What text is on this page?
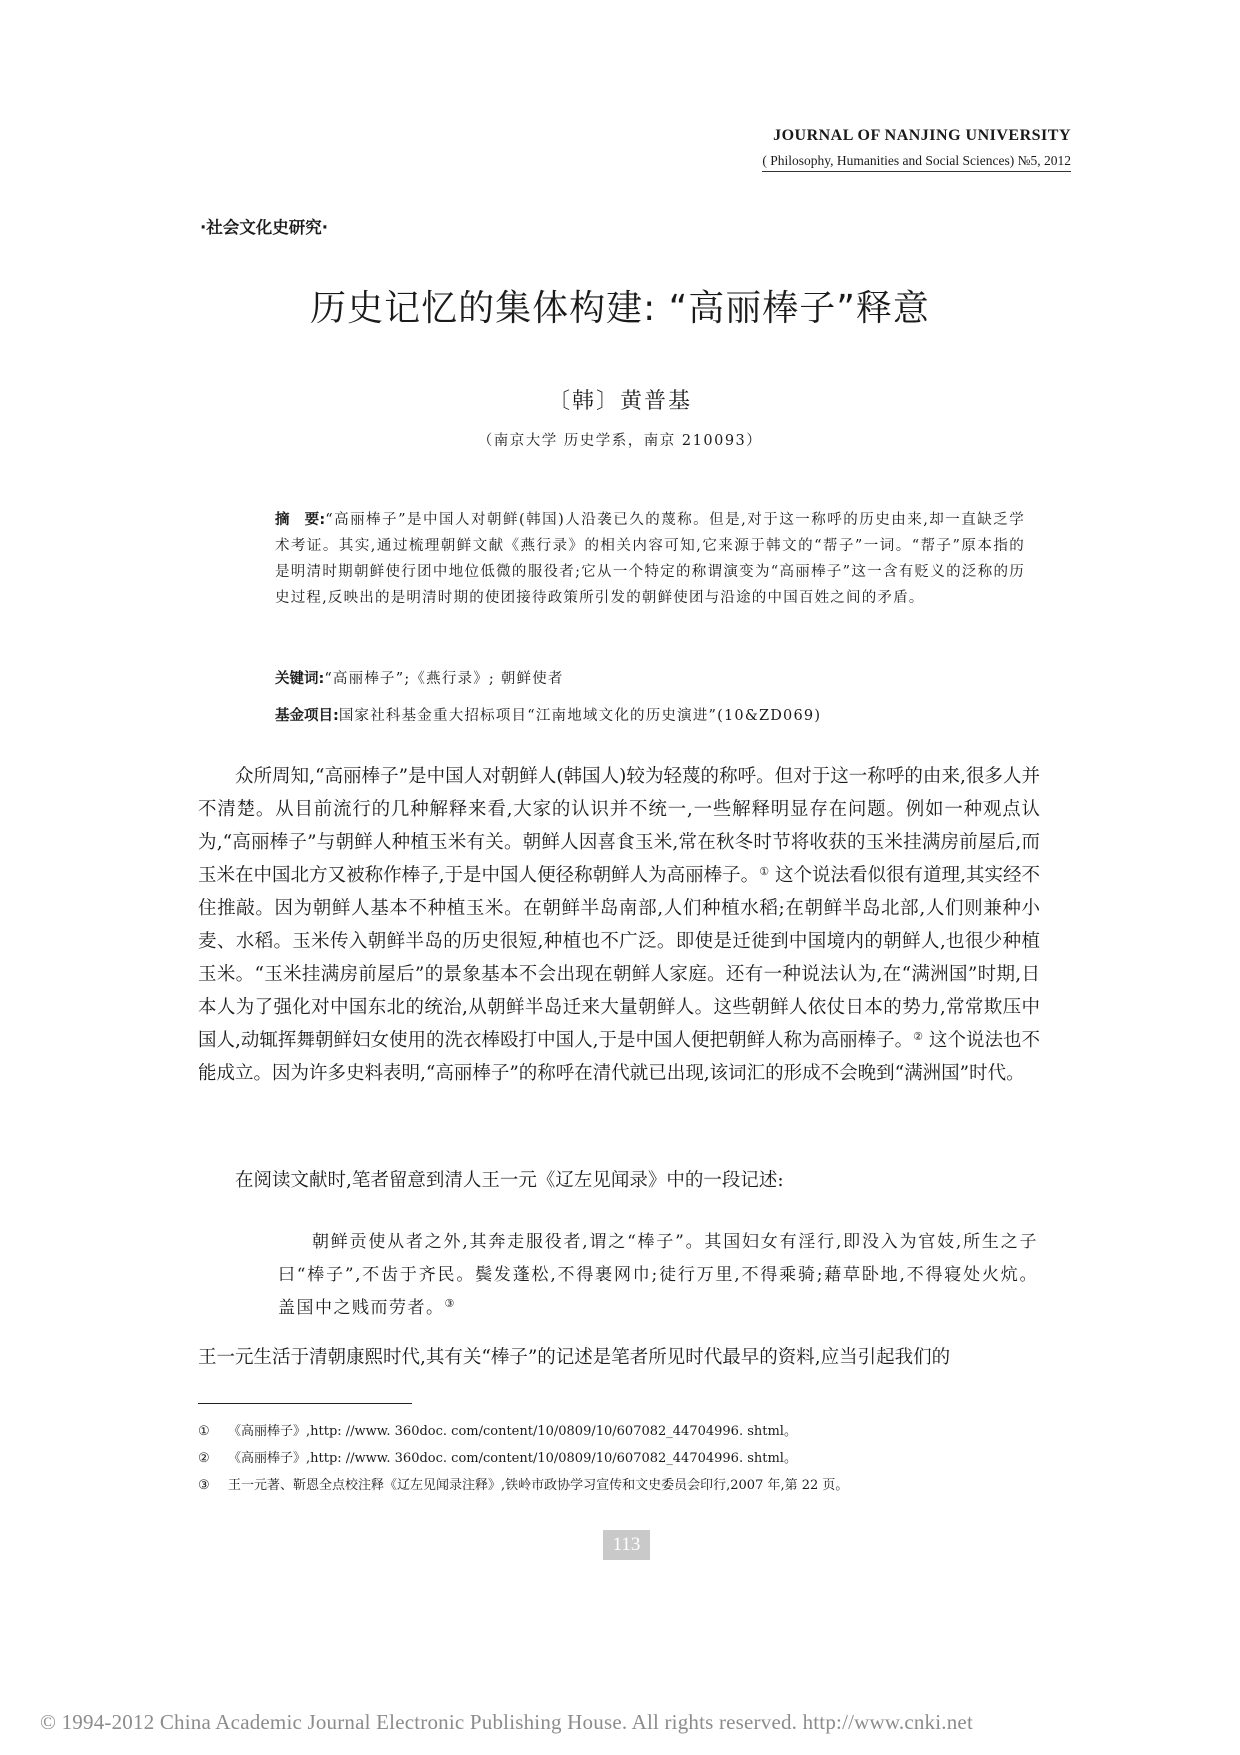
JOURNAL OF NANJING UNIVERSITY
( Philosophy, Humanities and Social Sciences) №5, 2012
·社会文化史研究·
历史记忆的集体构建: “高丽棒子”释意
〔韩〕黄普基
（南京大学 历史学系，南京 210093）
摘　要:“高丽棒子”是中国人对朝鲜(韩国)人沿袭已久的蔑称。但是,对于这一称呼的历史由来,却一直缺乏学术考证。其实,通过梳理朝鲜文献《燕行录》的相关内容可知,它来源于韩文的“帮子”一词。“帮子”原本指的是明清时期朝鲜使行团中地位低微的服役者;它从一个特定的称谓演变为“高丽棒子”这一含有贬义的泛称的历史过程,反映出的是明清时期的使团接待政策所引发的朝鲜使团与沿途的中国百姓之间的矛盾。
关键词:“高丽棒子”;《燕行录》; 朝鲜使者
基金项目:国家社科基金重大招标项目“江南地域文化的历史演进”(10&ZD069)

众所周知,“高丽棒子”是中国人对朝鲜人(韩国人)较为轻蔑的称呼。但对于这一称呼的由来,很多人并不清楚。从目前流行的几种解释来看,大家的认识并不统一,一些解释明显存在问题。例如一种观点认为,“高丽棒子”与朝鲜人种植玉米有关。朝鲜人因喜食玉米,常在秋冬时节将收获的玉米挂满房前屋后,而玉米在中国北方又被称作棒子,于是中国人便径称朝鲜人为高丽棒子。① 这个说法看似很有道理,其实经不住推敲。因为朝鲜人基本不种植玉米。在朝鲜半岛南部,人们种植水稻;在朝鲜半岛北部,人们则兼种小麦、水稻。玉米传入朝鲜半岛的历史很短,种植也不广泛。即使是迁徙到中国境内的朝鲜人,也很少种植玉米。“玉米挂满房前屋后”的景象基本不会出现在朝鲜人家庭。还有一种说法认为,在“满洲国”时期,日本人为了强化对中国东北的统治,从朝鲜半岛迁来大量朝鲜人。这些朝鲜人依仗日本的势力,常常欺压中国人,动辄挥舞朝鲜妇女使用的洗衣棒殴打中国人,于是中国人便把朝鲜人称为高丽棒子。② 这个说法也不能成立。因为许多史料表明,“高丽棒子”的称呼在清代就已出现,该词汇的形成不会晚到“满洲国”时代。

在阅读文献时,笔者留意到清人王一元《辽左见闻录》中的一段记述:

朝鲜贡使从者之外,其奔走服役者,谓之“棒子”。其国妇女有淫行,即没入为官妓,所生之子曰“棒子”,不齿于齐民。鬓发蓬松,不得裹网巾;徒行万里,不得乘骑;藉草卧地,不得寝处火炕。盖国中之贱而劳者。③

王一元生活于清朝康熙时代,其有关“棒子”的记述是笔者所见时代最早的资料,应当引起我们的

① 《高丽棒子》,http: //www. 360doc. com/content/10/0809/10/607082_44704996. shtml。
② 《高丽棒子》,http: //www. 360doc. com/content/10/0809/10/607082_44704996. shtml。
③ 王一元著、靳恩全点校注释《辽左见闻录注释》,铁岭市政协学习宣传和文史委员会印行,2007 年,第 22 页。
113
© 1994-2012 China Academic Journal Electronic Publishing House. All rights reserved. http://www.cnki.net
